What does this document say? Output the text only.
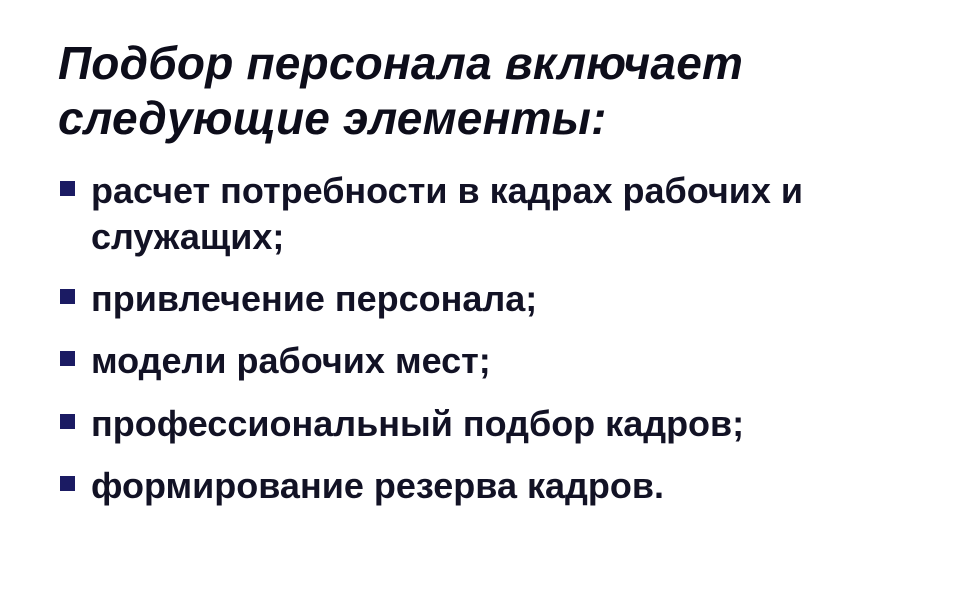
Подбор персонала включает следующие элементы:
расчет потребности в кадрах рабочих и служащих;
привлечение персонала;
модели рабочих мест;
профессиональный подбор кадров;
формирование резерва кадров.
